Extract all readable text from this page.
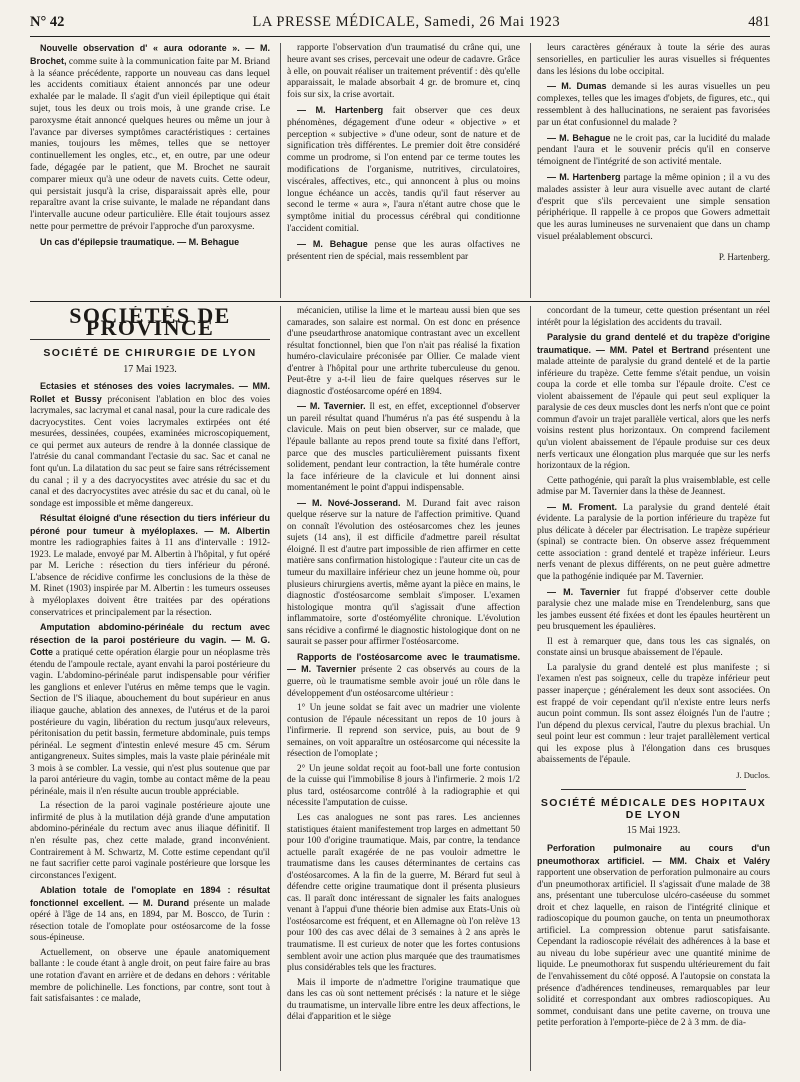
N° 42	LA PRESSE MÉDICALE, Samedi, 26 Mai 1923	481

Nouvelle observation d' « aura odorante ». — M. Brochet, comme suite à la communication faite par M. Briand à la séance précédente, rapporte un nouveau cas dans lequel les accidents comitiaux étaient annoncés par une odeur exhalée par le malade. Il s'agit d'un vieil épileptique qui était sujet, tous les deux ou trois mois, à une grande crise. Le paroxysme était annoncé quelques heures ou même un jour à l'avance par diverses symptômes caractéristiques : certaines manies, toujours les mêmes, telles que se nettoyer continuellement les ongles, etc., et, en outre, par une odeur fade, dégagée par le patient, que M. Brochet ne saurait comparer mieux qu'à une odeur de navets cuits. Cette odeur, qui persistait jusqu'à la crise, disparaissait après elle, pour reparaître avant la crise suivante, le malade ne répandant dans l'intervalle aucune odeur particulière. Elle était toujours assez nette pour permettre de prévoir l'approche d'un paroxysme.

Un cas d'épilepsie traumatique. — M. Behague

rapporte l'observation d'un traumatisé du crâne qui, une heure avant ses crises, percevait une odeur de cadavre. Grâce à elle, on pouvait réaliser un traitement préventif : dès qu'elle apparaissait, le malade absorbait 4 gr. de bromure et, cinq fois sur six, la crise avortait.

— M. Hartenberg fait observer que ces deux phénomènes, dégagement d'une odeur « objective » et perception « subjective » d'une odeur, sont de nature et de signification très différentes. Le premier doit être considéré comme un prodrome, si l'on entend par ce terme toutes les modifications de l'organisme, nutritives, circulatoires, viscérales, affectives, etc., qui annoncent à plus ou moins longue échéance un accès, tandis qu'il faut réserver au second le terme « aura », l'aura n'étant autre chose que le symptôme initial du processus cérébral qui conditionne l'accident comitial.

— M. Behague pense que les auras olfactives ne présentent rien de spécial, mais ressemblent par

leurs caractères généraux à toute la série des auras sensorielles, en particulier les auras visuelles si fréquentes dans les lésions du lobe occipital.

— M. Dumas demande si les auras visuelles un peu complexes, telles que les images d'objets, de figures, etc., qui ressemblent à des hallucinations, ne seraient pas favorisées par un état confusionnel du malade ?

— M. Behague ne le croit pas, car la lucidité du malade pendant l'aura et le souvenir précis qu'il en conserve témoignent de l'intégrité de son activité mentale.

— M. Hartenberg partage la même opinion ; il a vu des malades assister à leur aura visuelle avec autant de clarté d'esprit que s'ils percevaient une simple sensation périphérique. Il rappelle à ce propos que Gowers admettait que les auras lumineuses ne survenaient que dans un champ visuel préalablement obscurci.

P. Hartenberg.
SOCIÉTÉS DE PROVINCE
SOCIÉTÉ DE CHIRURGIE DE LYON
17 Mai 1923.

Ectasies et sténoses des voies lacrymales. — MM. Rollet et Bussy préconisent l'ablation en bloc des voies lacrymales, sac lacrymal et canal nasal, pour la cure radicale des dacryocystites. Cent voies lacrymales extirpées ont été mesurées, dessinées, coupées, examinées microscopiquement, ce qui permet aux auteurs de rendre à la donnée classique de l'atrésie du canal commandant l'ectasie du sac. Sac et canal ne font qu'un. La dilatation du sac peut se faire sans rétrécissement du canal ; il y a des dacryocystites avec atrésie du sac et du canal et des dacryocystites avec atrésie du sac et du canal, où le sondage est impossible et même dangereux.

Résultat éloigné d'une résection du tiers inférieur du péroné pour tumeur à myéloplaxes. — M. Albertin montre les radiographies faites à 11 ans d'intervalle : 1912-1923. Le malade, envoyé par M. Albertin à l'hôpital, y fut opéré par M. Leriche : résection du tiers inférieur du péroné. L'absence de récidive confirme les conclusions de la thèse de M. Rinet (1903) inspirée par M. Albertin : les tumeurs osseuses à myéloplaxes doivent être traitées par des opérations conservatrices et principalement par la résection.

Amputation abdomino-périnéale du rectum avec résection de la paroi postérieure du vagin. — M. G. Cotte a pratiqué cette opération élargie pour un néoplasme très étendu de l'ampoule rectale, ayant envahi la paroi postérieure du vagin. L'abdomino-périnéale parut indispensable pour vérifier les ganglions et enlever l'utérus en même temps que le vagin. Section de l'S iliaque, abouchement du bout supérieur en anus iliaque gauche, ablation des annexes, de l'utérus et de la paroi postérieure du vagin, libération du rectum jusqu'aux releveurs, péritonisation du petit bassin, fermeture abdominale, puis temps périnéal. Le segment d'intestin enlevé mesure 45 cm. Sérum antigangreneux. Suites simples, mais la vaste plaie périnéale mit 3 mois à se combler. La vessie, qui n'est plus soutenue que par la paroi antérieure du vagin, tombe au contact même de la peau périnéale, mais il n'en résulte aucun trouble appréciable.

La résection de la paroi vaginale postérieure ajoute une infirmité de plus à la mutilation déjà grande d'une amputation abdomino-périnéale du rectum avec anus iliaque définitif. Il n'en résulte pas, chez cette malade, grand inconvénient. Contrairement à M. Schwartz, M. Cotte estime cependant qu'il ne faut sacrifier cette paroi vaginale postérieure que lorsque les circonstances l'exigent.

Ablation totale de l'omoplate en 1894 : résultat fonctionnel excellent. — M. Durand présente un malade opéré à l'âge de 14 ans, en 1894, par M. Boscco, de Turin : résection totale de l'omoplate pour ostéosarcome de la fosse sous-épineuse.

Actuellement, on observe une épaule anatomiquement ballante : le coude étant à angle droit, on peut faire faire au bras une rotation d'avant en arrière et de dedans en dehors : véritable membre de polichinelle. Les fonctions, par contre, sont tout à fait satisfaisantes : ce malade,

mécanicien, utilise la lime et le marteau aussi bien que ses camarades, son salaire est normal. On est donc en présence d'une pseudarthrose anatomique contrastant avec un excellent résultat fonctionnel, bien que l'on n'ait pas réalisé la fixation huméro-claviculaire préconisée par Ollier. Ce malade vient d'entrer à l'hôpital pour une arthrite tuberculeuse du genou. Peut-être y a-t-il lieu de faire quelques réserves sur le diagnostic d'ostéosarcome opéré en 1894.

— M. Tavernier. Il est, en effet, exceptionnel d'observer un pareil résultat quand l'humérus n'a pas été suspendu à la clavicule. Mais on peut bien observer, sur ce malade, que l'épaule ballante au repos prend toute sa fixité dans l'effort, parce que des muscles particulièrement puissants fixent solidement, pendant leur contraction, la tête humérale contre la face inférieure de la clavicule et lui donnent ainsi momentanément le point d'appui indispensable.

— M. Nové-Josserand. M. Durand fait avec raison quelque réserve sur la nature de l'affection primitive. Quand on connaît l'évolution des ostéosarcomes chez les jeunes sujets (14 ans), il est difficile d'admettre pareil résultat éloigné. Il est d'autre part impossible de rien affirmer en cette matière sans confirmation histologique : l'auteur cite un cas de tumeur du maxillaire inférieur chez un jeune homme où, pour plusieurs chirurgiens avertis, même ayant la pièce en mains, le diagnostic d'ostéosarcome semblait s'imposer. L'examen histologique montra qu'il s'agissait d'une affection inflammatoire, sorte d'ostéomyélite chronique. L'évolution sans récidive a confirmé le diagnostic histologique dont on ne saurait se passer pour affirmer l'ostéosarcome.

Rapports de l'ostéosarcome avec le traumatisme. — M. Tavernier présente 2 cas observés au cours de la guerre, où le traumatisme semble avoir joué un rôle dans le développement d'un ostéosarcome ultérieur :

1° Un jeune soldat se fait avec un madrier une violente contusion de l'épaule nécessitant un repos de 10 jours à l'infirmerie. Il reprend son service, puis, au bout de 9 semaines, on voit apparaître un ostéosarcome qui nécessite la résection de l'omoplate ;

2° Un jeune soldat reçoit au foot-ball une forte contusion de la cuisse qui l'immobilise 8 jours à l'infirmerie. 2 mois 1/2 plus tard, ostéosarcome contrôlé à la radiographie et qui nécessite l'amputation de cuisse.

Les cas analogues ne sont pas rares. Les anciennes statistiques étaient manifestement trop larges en admettant 50 pour 100 d'origine traumatique. Mais, par contre, la tendance actuelle paraît exagérée de ne pas vouloir admettre le traumatisme dans les causes déterminantes de certains cas d'ostéosarcomes. A la fin de la guerre, M. Bérard fut seul à défendre cette origine traumatique dont il présenta plusieurs cas. Il paraît donc intéressant de signaler les faits analogues venant à l'appui d'une théorie bien admise aux Etats-Unis où l'ostéosarcome est fréquent, et en Allemagne où l'on relève 13 pour 100 des cas avec délai de 3 semaines à 2 ans après le traumatisme. Il est curieux de noter que les fortes contusions semblent avoir une action plus marquée que des traumatismes plus considérables tels que les fractures.

Mais il importe de n'admettre l'origine traumatique que dans les cas où sont nettement précisés : la nature et le siège du traumatisme, un intervalle libre entre les deux affections, le délai d'apparition et le siège

concordant de la tumeur, cette question présentant un réel intérêt pour la législation des accidents du travail.

Paralysie du grand dentelé et du trapèze d'origine traumatique. — MM. Patel et Bertrand présentent une malade atteinte de paralysie du grand dentelé et de la partie inférieure du trapèze. Cette femme s'était pendue, un voisin coupa la corde et elle tomba sur l'épaule droite. C'est ce violent abaissement de l'épaule qui peut seul expliquer la paralysie de ces deux muscles dont les nerfs n'ont que ce point commun d'avoir un trajet parallèle vertical, alors que les nerfs voisins restent plus horizontaux. On comprend facilement qu'un violent abaissement de l'épaule produise sur ces deux nerfs verticaux une élongation plus marquée que sur les nerfs horizontaux de la région.

Cette pathogénie, qui paraît la plus vraisemblable, est celle admise par M. Tavernier dans la thèse de Jeannest.

— M. Froment. La paralysie du grand dentelé était évidente. La paralysie de la portion inférieure du trapèze fut plus délicate à déceler par électrisation. Le trapèze supérieur (spinal) se contracte bien. On observe assez fréquemment cette association : grand dentelé et trapèze inférieur. Leurs nerfs venant de plexus différents, on ne peut guère admettre que la pathogénie indiquée par M. Tavernier.

— M. Tavernier fut frappé d'observer cette double paralysie chez une malade mise en Trendelenburg, sans que les jambes eussent été fixées et dont les épaules heurtèrent un peu brusquement les épaulières.

Il est à remarquer que, dans tous les cas signalés, on constate ainsi un brusque abaissement de l'épaule.

La paralysie du grand dentelé est plus manifeste ; si l'examen n'est pas soigneux, celle du trapèze inférieur peut passer inaperçue ; généralement les deux sont associées. On est frappé de voir cependant qu'il n'existe entre leurs nerfs aucun point commun. Ils sont assez éloignés l'un de l'autre ; l'un dépend du plexus cervical, l'autre du plexus brachial. Un seul point leur est commun : leur trajet parallèlement vertical qui les expose plus à l'élongation dans ces brusques abaissements de l'épaule.

J. Duclos.
SOCIÉTÉ MÉDICALE DES HOPITAUX DE LYON
15 Mai 1923.

Perforation pulmonaire au cours d'un pneumothorax artificiel. — MM. Chaix et Valéry rapportent une observation de perforation pulmonaire au cours d'un pneumothorax artificiel. Il s'agissait d'une malade de 38 ans, présentant une tuberculose ulcéro-caséeuse du sommet droit et chez laquelle, en raison de l'intégrité clinique et radioscopique du poumon gauche, on tenta un pneumothorax artificiel. La compression obtenue parut satisfaisante. Cependant la radioscopie révélait des adhérences à la base et au niveau du lobe supérieur avec une quantité minime de liquide. Le pneumothorax fut suspendu ultérieurement du fait de l'envahissement du côté opposé. A l'autopsie on constata la présence d'adhérences tendineuses, remarquables par leur solidité et correspondant aux ombres radioscopiques. Au sommet, conduisant dans une petite caverne, on trouva une petite perforation à l'emporte-pièce de 2 à 3 mm. de dia-
